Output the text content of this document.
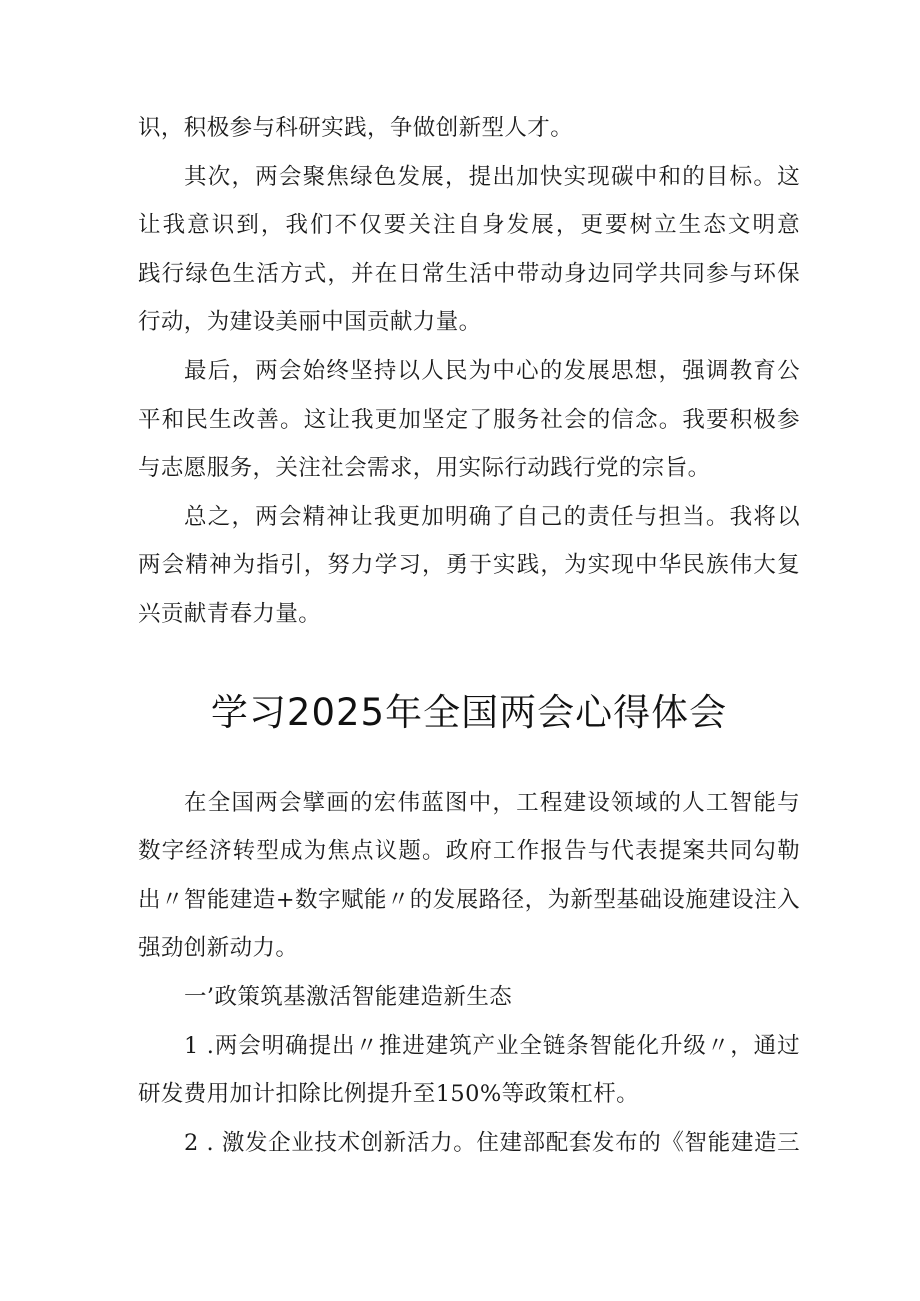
识，积极参与科研实践，争做创新型人才。
其次，两会聚焦绿色发展，提出加快实现碳中和的目标。这
让我意识到，我们不仅要关注自身发展，更要树立生态文明意
践行绿色生活方式，并在日常生活中带动身边同学共同参与环保
行动，为建设美丽中国贡献力量。
最后，两会始终坚持以人民为中心的发展思想，强调教育公
平和民生改善。这让我更加坚定了服务社会的信念。我要积极参
与志愿服务，关注社会需求，用实际行动践行党的宗旨。
总之，两会精神让我更加明确了自己的责任与担当。我将以
两会精神为指引，努力学习，勇于实践，为实现中华民族伟大复
兴贡献青春力量。
学习2025年全国两会心得体会
在全国两会擘画的宏伟蓝图中，工程建设领域的人工智能与
数字经济转型成为焦点议题。政府工作报告与代表提案共同勾勒
出〃智能建造+数字赋能〃的发展路径，为新型基础设施建设注入
强劲创新动力。
一’政策筑基激活智能建造新生态
1 .两会明确提出〃推进建筑产业全链条智能化升级〃，通过
研发费用加计扣除比例提升至150%等政策杠杆。
2 . 激发企业技术创新活力。住建部配套发布的《智能建造三
